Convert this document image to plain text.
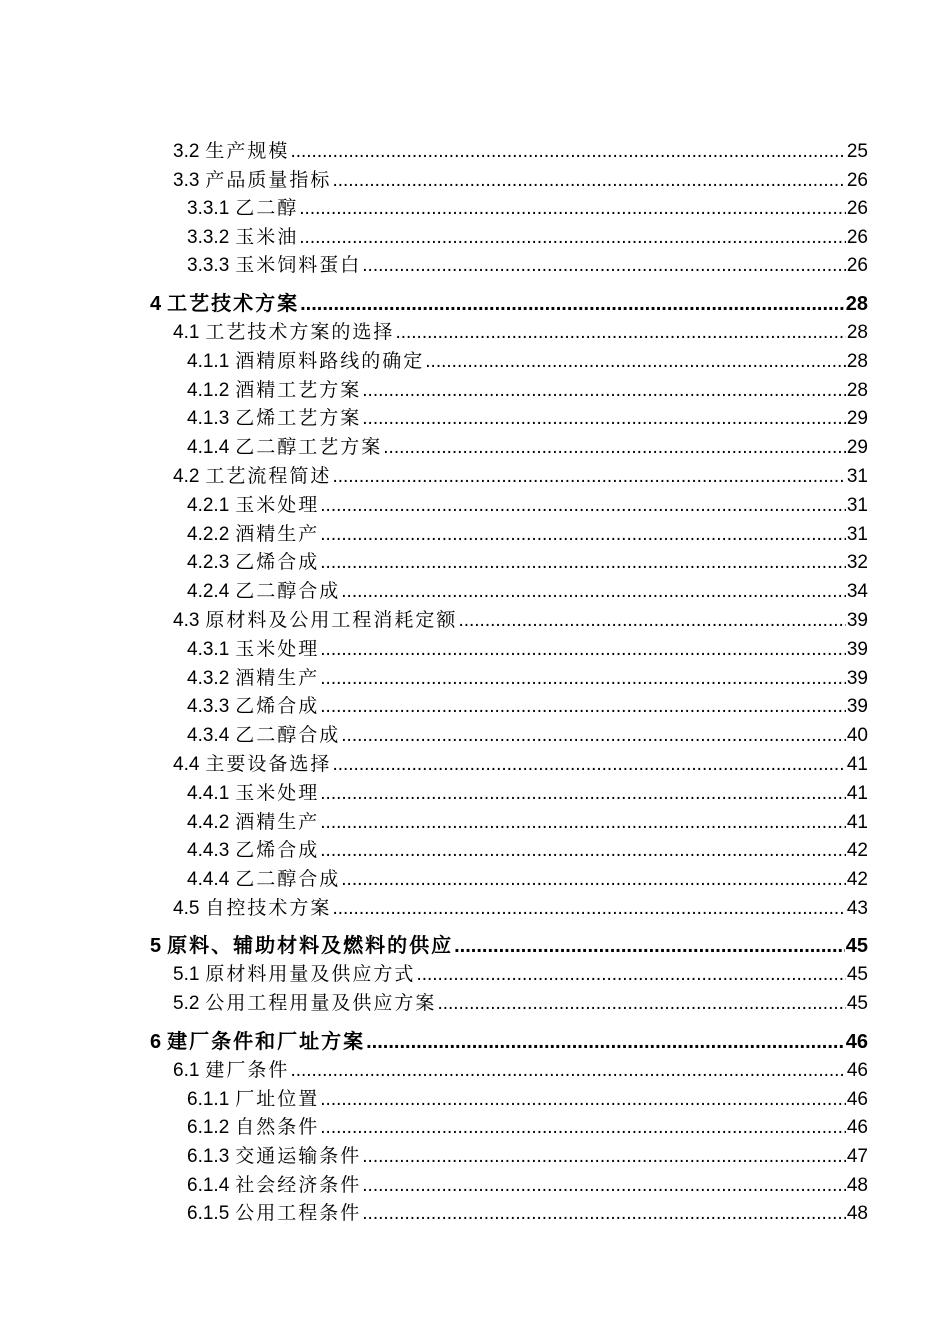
3.2 生产规模 .....	25
3.3 产品质量指标 .....	26
3.3.1 乙二醇 .....	26
3.3.2 玉米油 .....	26
3.3.3 玉米饲料蛋白 .....	26
4 工艺技术方案 .....	28
4.1 工艺技术方案的选择 .....	28
4.1.1 酒精原料路线的确定 .....	28
4.1.2 酒精工艺方案 .....	28
4.1.3 乙烯工艺方案 .....	29
4.1.4 乙二醇工艺方案 .....	29
4.2 工艺流程简述 .....	31
4.2.1 玉米处理 .....	31
4.2.2 酒精生产 .....	31
4.2.3 乙烯合成 .....	32
4.2.4 乙二醇合成 .....	34
4.3 原材料及公用工程消耗定额 .....	39
4.3.1 玉米处理 .....	39
4.3.2 酒精生产 .....	39
4.3.3 乙烯合成 .....	39
4.3.4 乙二醇合成 .....	40
4.4 主要设备选择 .....	41
4.4.1 玉米处理 .....	41
4.4.2 酒精生产 .....	41
4.4.3 乙烯合成 .....	42
4.4.4 乙二醇合成 .....	42
4.5 自控技术方案 .....	43
5 原料、辅助材料及燃料的供应 .....	45
5.1 原材料用量及供应方式 .....	45
5.2 公用工程用量及供应方案 .....	45
6 建厂条件和厂址方案 .....	46
6.1 建厂条件 .....	46
6.1.1 厂址位置 .....	46
6.1.2 自然条件 .....	46
6.1.3 交通运输条件 .....	47
6.1.4 社会经济条件 .....	48
6.1.5 公用工程条件 .....	48
